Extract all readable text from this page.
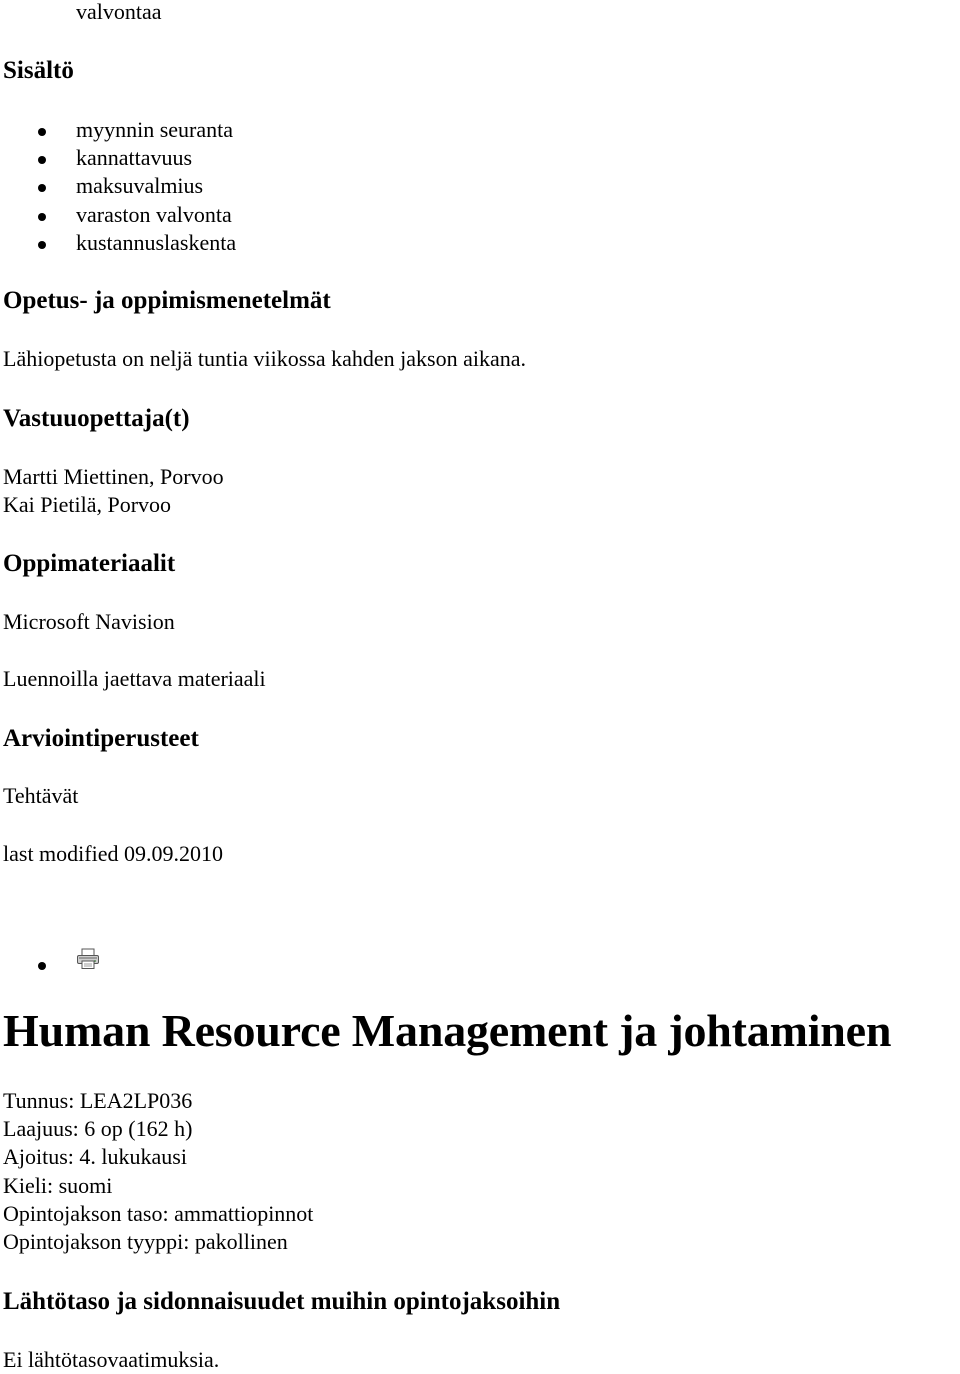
valvontaa
Sisältö
myynnin seuranta
kannattavuus
maksuvalmius
varaston valvonta
kustannuslaskenta
Opetus- ja oppimismenetelmät
Lähiopetusta on neljä tuntia viikossa kahden jakson aikana.
Vastuuopettaja(t)
Martti Miettinen, Porvoo
Kai Pietilä, Porvoo
Oppimateriaalit
Microsoft Navision
Luennoilla jaettava materiaali
Arviointiperusteet
Tehtävät
last modified 09.09.2010
Human Resource Management ja johtaminen
Tunnus: LEA2LP036
Laajuus: 6 op (162 h)
Ajoitus: 4. lukukausi
Kieli: suomi
Opintojakson taso: ammattiopinnot
Opintojakson tyyppi: pakollinen
Lähtötaso ja sidonnaisuudet muihin opintojaksoihin
Ei lähtötasovaatimuksia.
